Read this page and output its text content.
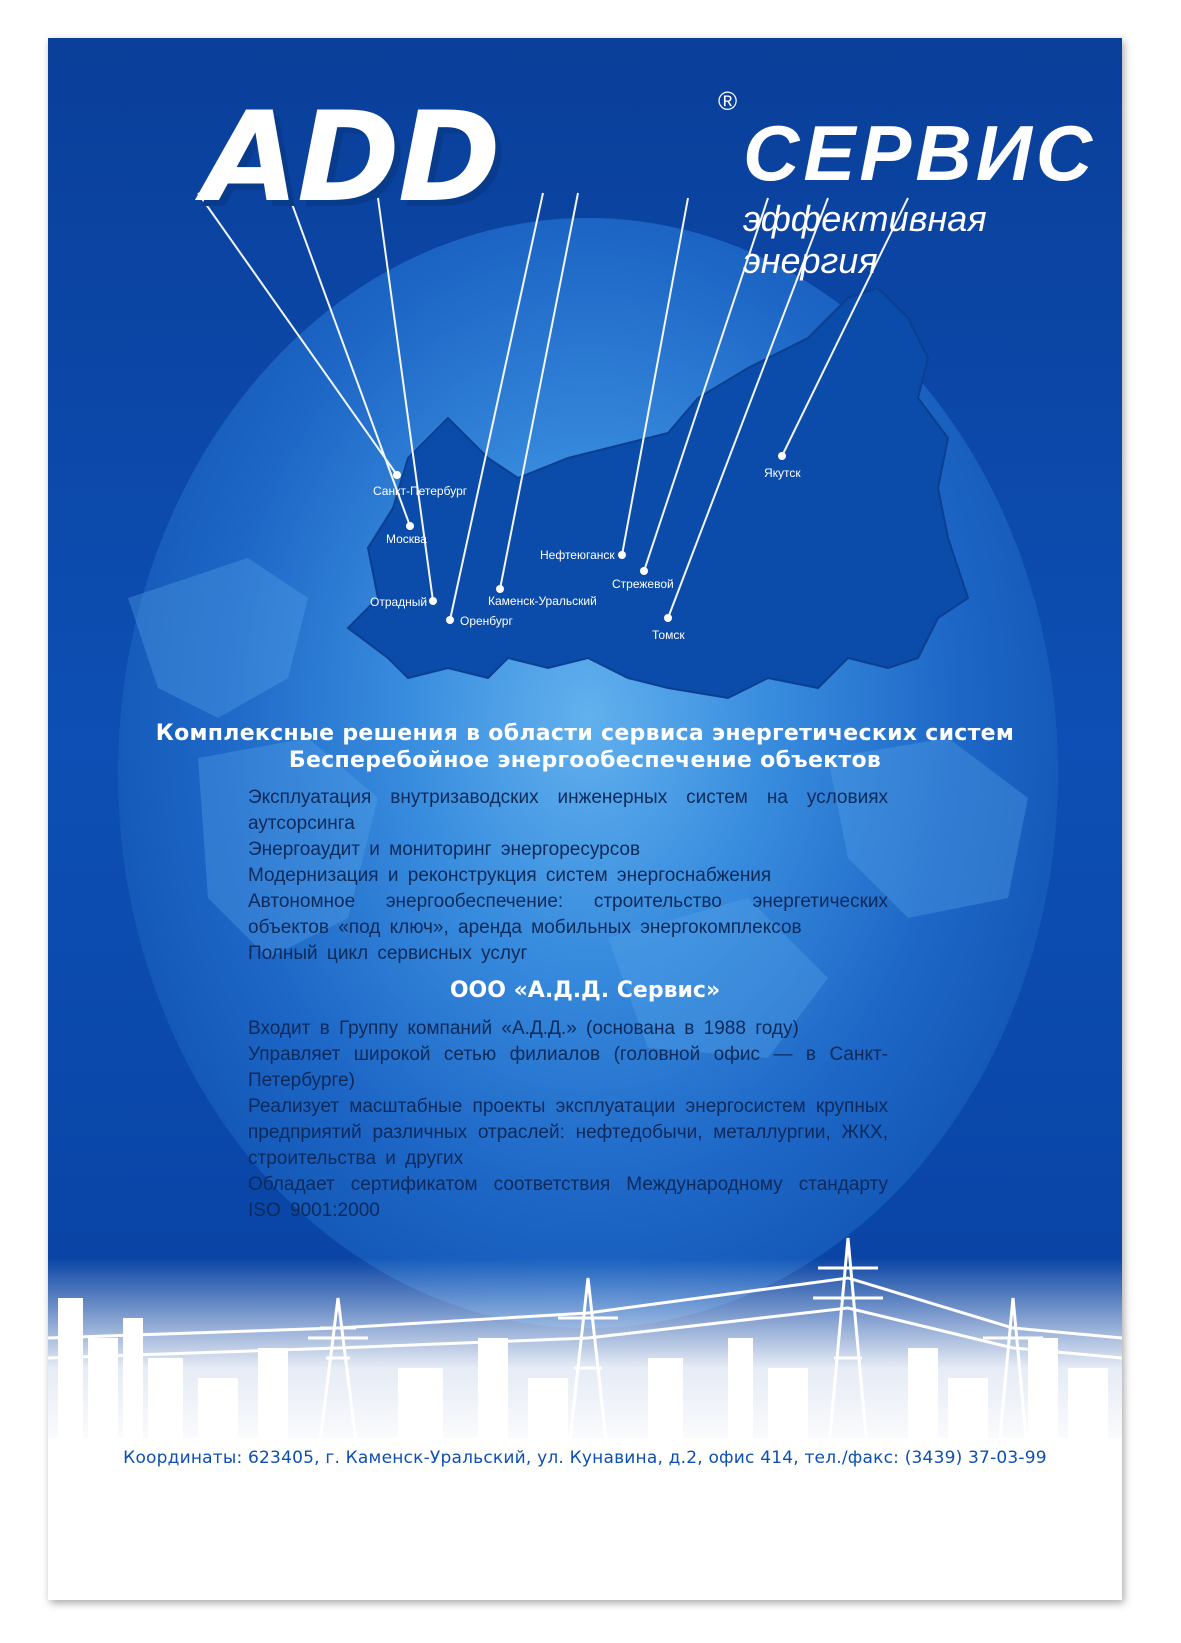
ADD	®
СЕРВИС
эффективная энергия
Санкт-Петербург
Москва
Отрадный
Оренбург
Каменск-Уральский
Нефтеюганск
Стрежевой
Томск
Якутск
Комплексные решения в области сервиса энергетических систем
Бесперебойное энергообеспечение объектов

Эксплуатация внутризаводских инженерных систем на условиях аутсорсинга

Энергоаудит и мониторинг энергоресурсов

Модернизация и реконструкция систем энергоснабжения

Автономное энергообеспечение: строительство энергетических объектов «под ключ», аренда мобильных энергокомплексов

Полный цикл сервисных услуг

ООО «А.Д.Д. Сервис»

Входит в Группу компаний «А.Д.Д.» (основана в 1988 году)

Управляет широкой сетью филиалов (головной офис — в Санкт-Петербурге)

Реализует масштабные проекты эксплуатации энергосистем крупных предприятий различных отраслей: нефтедобычи, металлургии, ЖКХ, строительства и других

Обладает сертификатом соответствия Международному стандарту ISO 9001:2000

Координаты: 623405, г. Каменск-Уральский, ул. Кунавина, д.2, офис 414, тел./факс: (3439) 37-03-99
